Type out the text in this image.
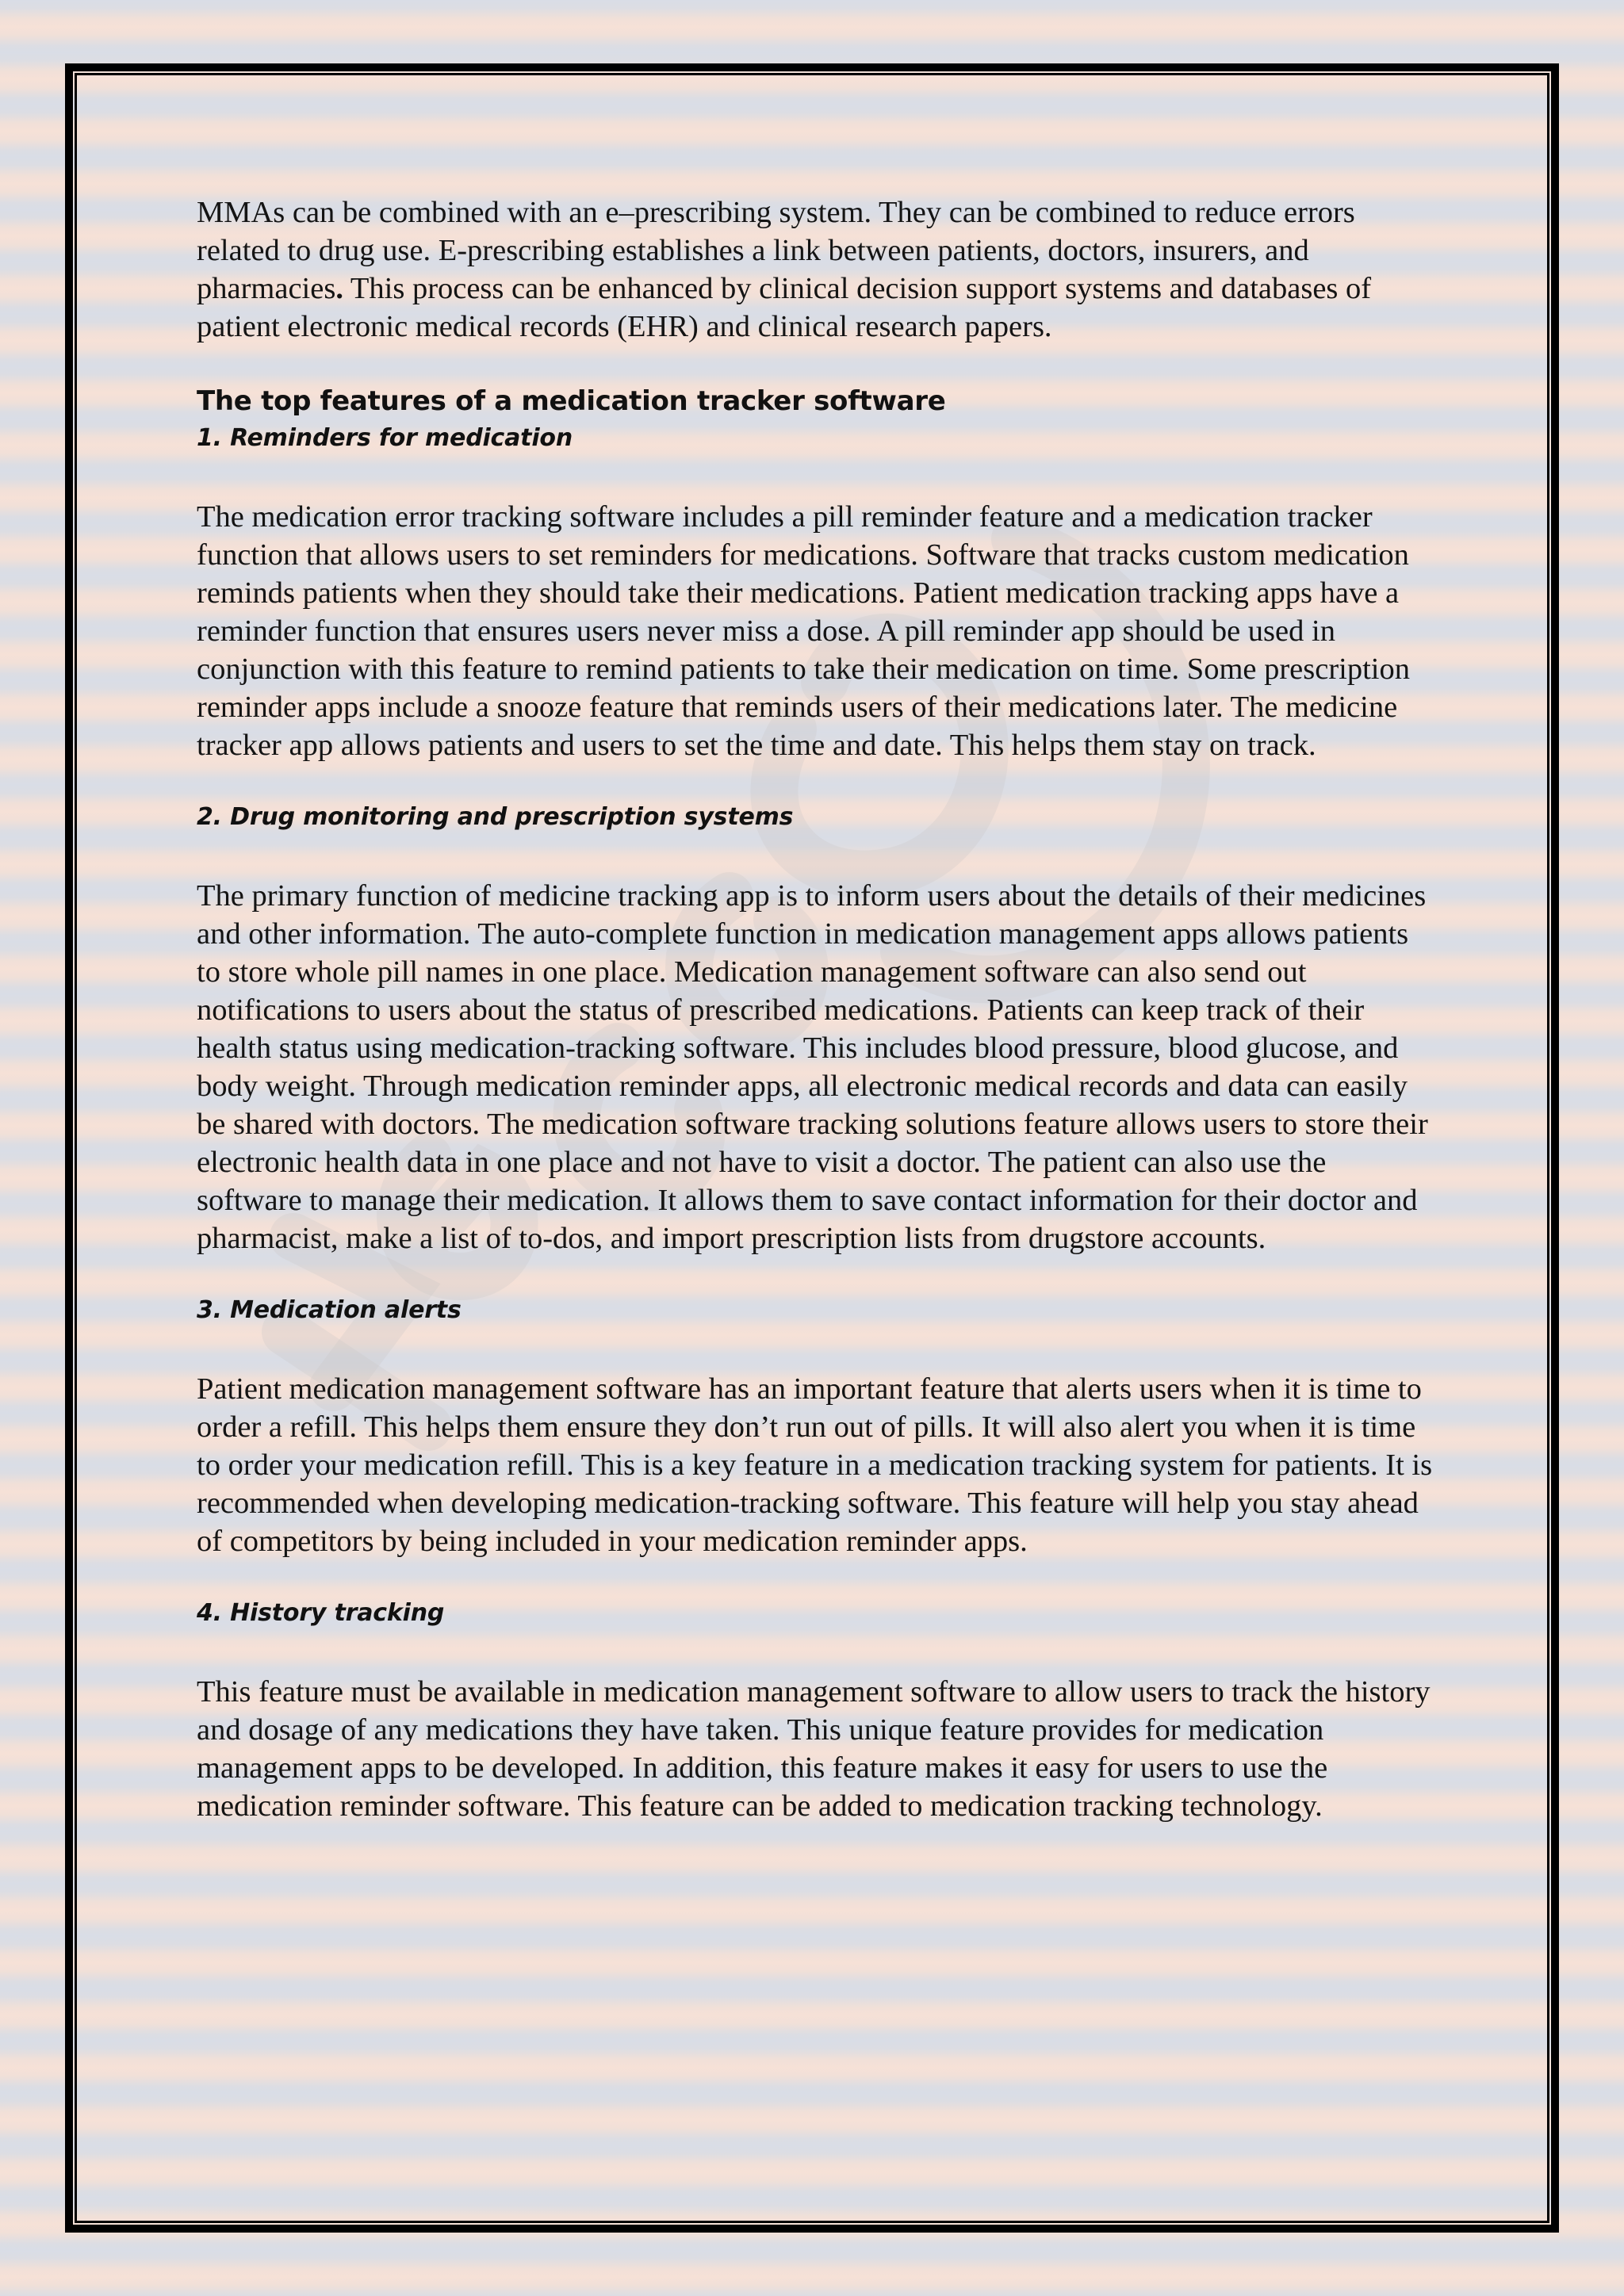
MMAs can be combined with an e–prescribing system. They can be combined to reduce errors related to drug use. E-prescribing establishes a link between patients, doctors, insurers, and pharmacies. This process can be enhanced by clinical decision support systems and databases of patient electronic medical records (EHR) and clinical research papers.

The top features of a medication tracker software
1. Reminders for medication

The medication error tracking software includes a pill reminder feature and a medication tracker function that allows users to set reminders for medications. Software that tracks custom medication reminds patients when they should take their medications. Patient medication tracking apps have a reminder function that ensures users never miss a dose. A pill reminder app should be used in conjunction with this feature to remind patients to take their medication on time. Some prescription reminder apps include a snooze feature that reminds users of their medications later. The medicine tracker app allows patients and users to set the time and date. This helps them stay on track.

2. Drug monitoring and prescription systems

The primary function of medicine tracking app is to inform users about the details of their medicines and other information. The auto-complete function in medication management apps allows patients to store whole pill names in one place. Medication management software can also send out notifications to users about the status of prescribed medications. Patients can keep track of their health status using medication-tracking software. This includes blood pressure, blood glucose, and body weight. Through medication reminder apps, all electronic medical records and data can easily be shared with doctors. The medication software tracking solutions feature allows users to store their electronic health data in one place and not have to visit a doctor. The patient can also use the software to manage their medication. It allows them to save contact information for their doctor and pharmacist, make a list of to-dos, and import prescription lists from drugstore accounts.

3. Medication alerts

Patient medication management software has an important feature that alerts users when it is time to order a refill. This helps them ensure they don’t run out of pills. It will also alert you when it is time to order your medication refill. This is a key feature in a medication tracking system for patients. It is recommended when developing medication-tracking software. This feature will help you stay ahead of competitors by being included in your medication reminder apps.

4. History tracking

This feature must be available in medication management software to allow users to track the history and dosage of any medications they have taken. This unique feature provides for medication management apps to be developed. In addition, this feature makes it easy for users to use the medication reminder software. This feature can be added to medication tracking technology.
